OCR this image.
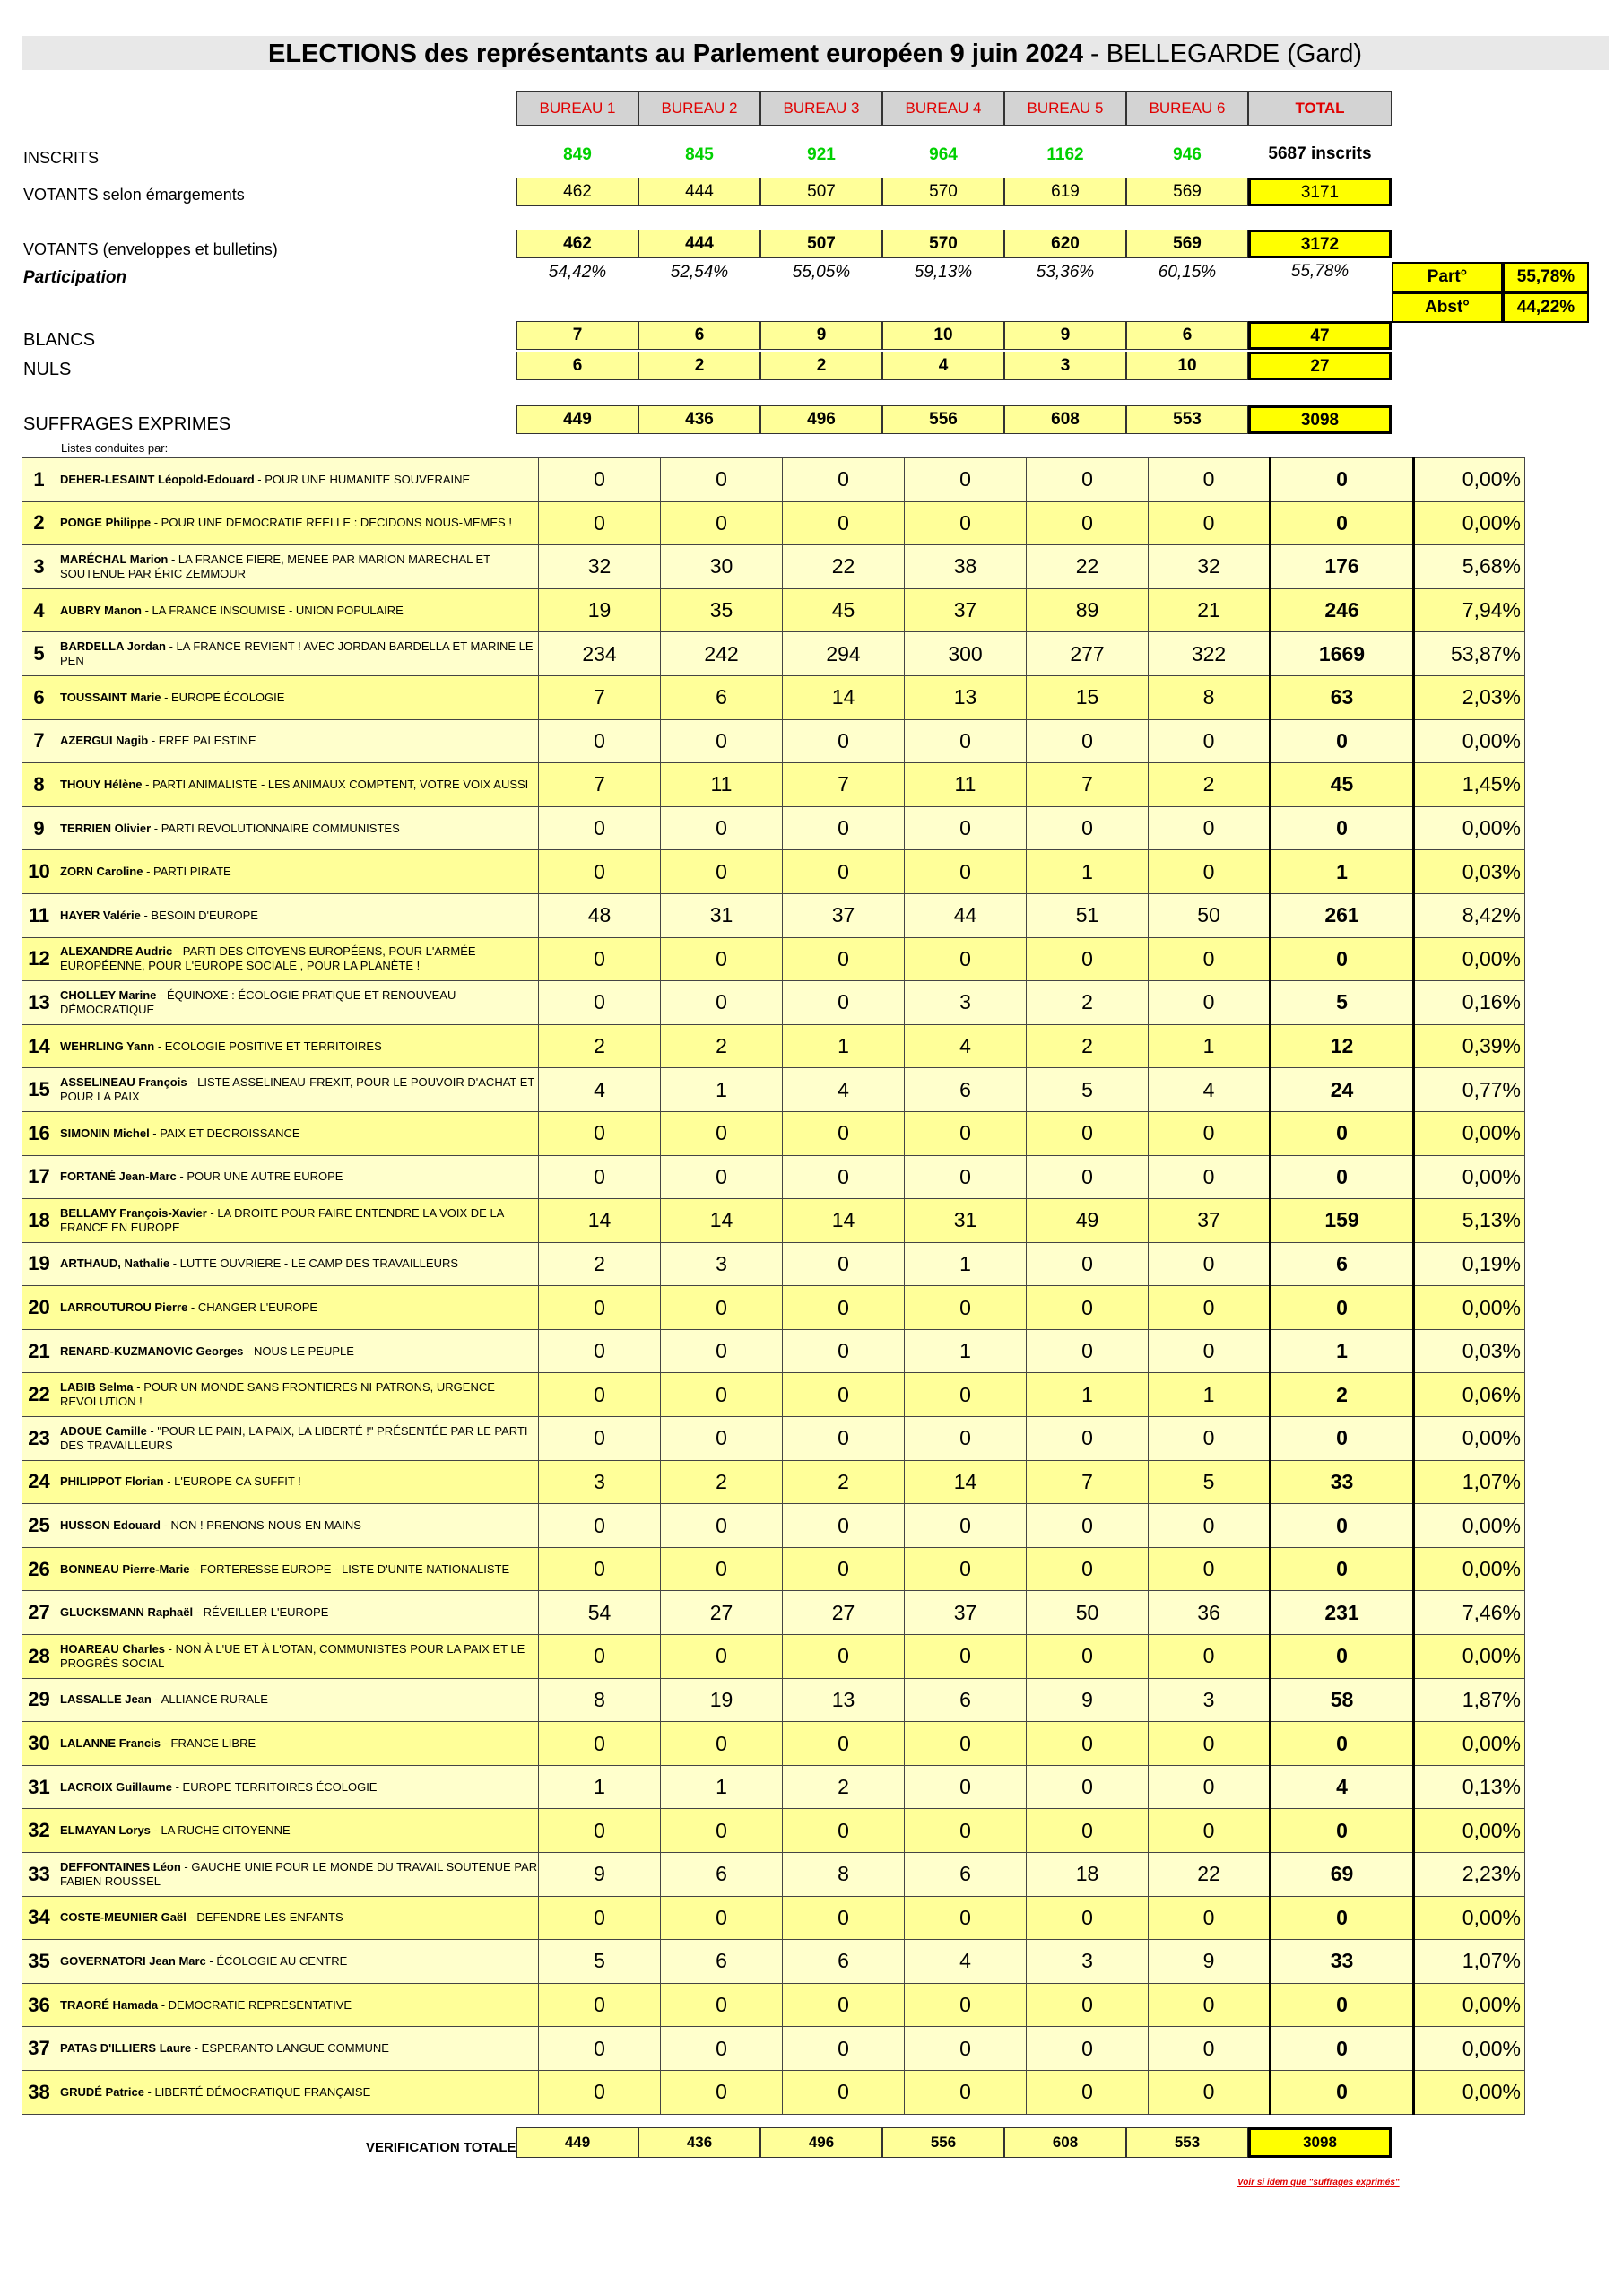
ELECTIONS des représentants au Parlement européen 9 juin 2024 - BELLEGARDE (Gard)
BUREAU 1	BUREAU 2	BUREAU 3	BUREAU 4	BUREAU 5	BUREAU 6	TOTAL
INSCRITS	849	845	921	964	1162	946	5687 inscrits
VOTANTS selon émargements	462	444	507	570	619	569	3171
VOTANTS (enveloppes et bulletins)	462	444	507	570	620	569	3172
Participation	54,42%	52,54%	55,05%	59,13%	53,36%	60,15%	55,78%
BLANCS	7	6	9	10	9	6	47
NULS	6	2	2	4	3	10	27
SUFFRAGES EXPRIMES	449	436	496	556	608	553	3098
Part°	55,78%
Abst°	44,22%
Listes conduites par:
1	DEHER-LESAINT Léopold-Edouard - POUR UNE HUMANITE SOUVERAINE	0	0	0	0	0	0	0	0,00%
2	PONGE Philippe - POUR UNE DEMOCRATIE REELLE : DECIDONS NOUS-MEMES !	0	0	0	0	0	0	0	0,00%
3	MARÉCHAL Marion - LA FRANCE FIERE, MENEE PAR MARION MARECHAL ET SOUTENUE PAR ÉRIC ZEMMOUR	32	30	22	38	22	32	176	5,68%
4	AUBRY Manon - LA FRANCE INSOUMISE - UNION POPULAIRE	19	35	45	37	89	21	246	7,94%
5	BARDELLA Jordan - LA FRANCE REVIENT ! AVEC JORDAN BARDELLA ET MARINE LE PEN	234	242	294	300	277	322	1669	53,87%
6	TOUSSAINT Marie - EUROPE ÉCOLOGIE	7	6	14	13	15	8	63	2,03%
7	AZERGUI Nagib - FREE PALESTINE	0	0	0	0	0	0	0	0,00%
8	THOUY Hélène - PARTI ANIMALISTE - LES ANIMAUX COMPTENT, VOTRE VOIX AUSSI	7	11	7	11	7	2	45	1,45%
9	TERRIEN Olivier - PARTI REVOLUTIONNAIRE COMMUNISTES	0	0	0	0	0	0	0	0,00%
10	ZORN Caroline - PARTI PIRATE	0	0	0	0	1	0	1	0,03%
11	HAYER Valérie - BESOIN D'EUROPE	48	31	37	44	51	50	261	8,42%
12	ALEXANDRE Audric - PARTI DES CITOYENS EUROPÉENS, POUR L'ARMÉE EUROPÉENNE, POUR L'EUROPE SOCIALE , POUR LA PLANÈTE !	0	0	0	0	0	0	0	0,00%
13	CHOLLEY Marine - ÉQUINOXE : ÉCOLOGIE PRATIQUE ET RENOUVEAU DÉMOCRATIQUE	0	0	0	3	2	0	5	0,16%
14	WEHRLING Yann - ECOLOGIE POSITIVE ET TERRITOIRES	2	2	1	4	2	1	12	0,39%
15	ASSELINEAU François - LISTE ASSELINEAU-FREXIT, POUR LE POUVOIR D'ACHAT ET POUR LA PAIX	4	1	4	6	5	4	24	0,77%
16	SIMONIN Michel - PAIX ET DECROISSANCE	0	0	0	0	0	0	0	0,00%
17	FORTANÉ Jean-Marc - POUR UNE AUTRE EUROPE	0	0	0	0	0	0	0	0,00%
18	BELLAMY François-Xavier - LA DROITE POUR FAIRE ENTENDRE LA VOIX DE LA FRANCE EN EUROPE	14	14	14	31	49	37	159	5,13%
19	ARTHAUD, Nathalie - LUTTE OUVRIERE - LE CAMP DES TRAVAILLEURS	2	3	0	1	0	0	6	0,19%
20	LARROUTUROU Pierre - CHANGER L'EUROPE	0	0	0	0	0	0	0	0,00%
21	RENARD-KUZMANOVIC Georges - NOUS LE PEUPLE	0	0	0	1	0	0	1	0,03%
22	LABIB Selma - POUR UN MONDE SANS FRONTIERES NI PATRONS, URGENCE REVOLUTION !	0	0	0	0	1	1	2	0,06%
23	ADOUE Camille - "POUR LE PAIN, LA PAIX, LA LIBERTÉ !" PRÉSENTÉE PAR LE PARTI DES TRAVAILLEURS	0	0	0	0	0	0	0	0,00%
24	PHILIPPOT Florian - L'EUROPE CA SUFFIT !	3	2	2	14	7	5	33	1,07%
25	HUSSON Edouard - NON ! PRENONS-NOUS EN MAINS	0	0	0	0	0	0	0	0,00%
26	BONNEAU Pierre-Marie - FORTERESSE EUROPE - LISTE D'UNITE NATIONALISTE	0	0	0	0	0	0	0	0,00%
27	GLUCKSMANN Raphaël - RÉVEILLER L'EUROPE	54	27	27	37	50	36	231	7,46%
28	HOAREAU Charles - NON À L'UE ET À L'OTAN, COMMUNISTES POUR LA PAIX ET LE PROGRÈS SOCIAL	0	0	0	0	0	0	0	0,00%
29	LASSALLE Jean - ALLIANCE RURALE	8	19	13	6	9	3	58	1,87%
30	LALANNE Francis - FRANCE LIBRE	0	0	0	0	0	0	0	0,00%
31	LACROIX Guillaume - EUROPE TERRITOIRES ÉCOLOGIE	1	1	2	0	0	0	4	0,13%
32	ELMAYAN Lorys - LA RUCHE CITOYENNE	0	0	0	0	0	0	0	0,00%
33	DEFFONTAINES Léon - GAUCHE UNIE POUR LE MONDE DU TRAVAIL SOUTENUE PAR FABIEN ROUSSEL	9	6	8	6	18	22	69	2,23%
34	COSTE-MEUNIER Gaël - DEFENDRE LES ENFANTS	0	0	0	0	0	0	0	0,00%
35	GOVERNATORI Jean Marc - ÉCOLOGIE AU CENTRE	5	6	6	4	3	9	33	1,07%
36	TRAORÉ Hamada - DEMOCRATIE REPRESENTATIVE	0	0	0	0	0	0	0	0,00%
37	PATAS D'ILLIERS Laure - ESPERANTO LANGUE COMMUNE	0	0	0	0	0	0	0	0,00%
38	GRUDÉ Patrice - LIBERTÉ DÉMOCRATIQUE FRANÇAISE	0	0	0	0	0	0	0	0,00%
VERIFICATION TOTALE	449	436	496	556	608	553	3098
Voir si idem que "suffrages exprimés"
